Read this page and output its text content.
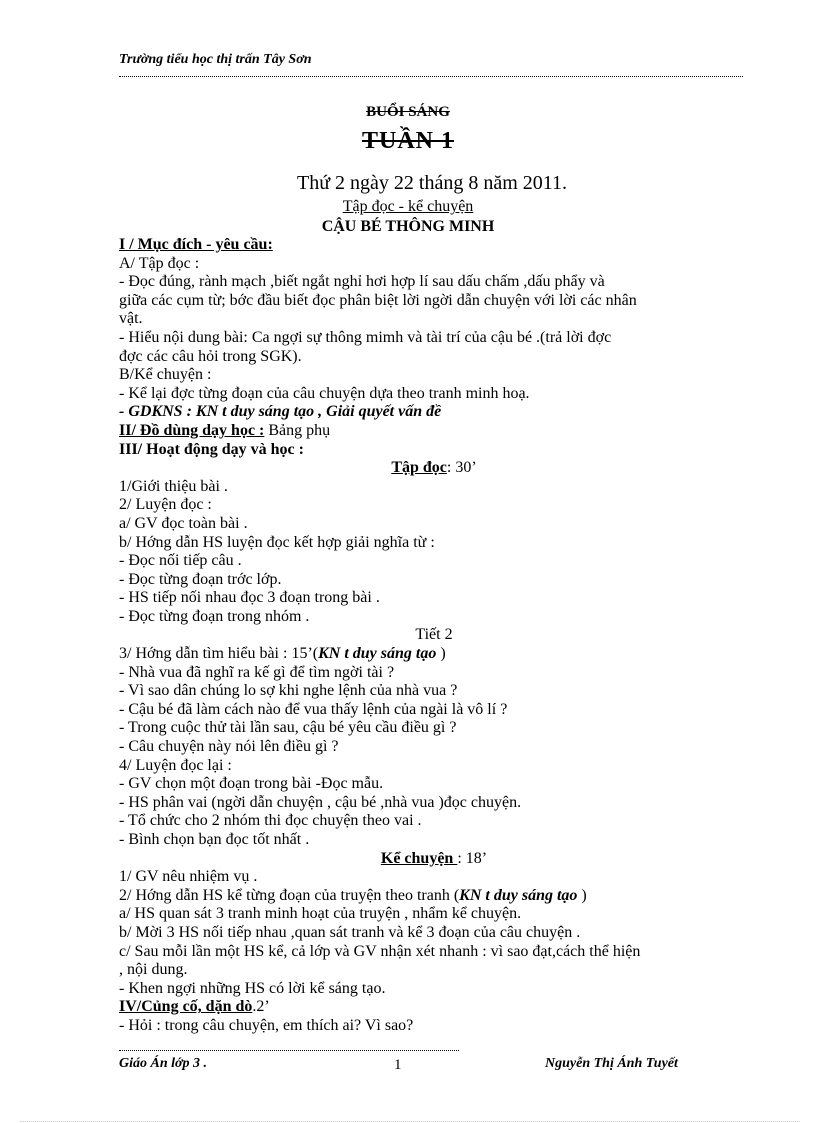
Trường tiểu học thị trấn Tây Sơn
BUỔI SÁNG
TUẦN 1
Thứ 2 ngày 22 tháng 8 năm 2011.
Tập đọc - kể chuyện
CẬU BÉ THÔNG MINH
I / Mục đích - yêu cầu:
A/ Tập đọc :
- Đọc đúng, rành mạch ,biết ngắt nghỉ hơi hợp lí sau dấu chấm ,dấu phẩy và
giữa các cụm từ; bớc đầu biết đọc phân biệt lời ngời dẫn chuyện với lời các nhân
vật.
- Hiểu nội dung bài: Ca ngợi sự thông mimh và tài trí của cậu bé .(trả lời đợc
đợc các câu hỏi trong SGK).
B/Kể chuyện :
- Kể lại đợc từng đoạn của câu chuyện dựa theo tranh minh hoạ.
- GDKNS : KN t duy sáng tạo , Giải quyết vấn đề
II/ Đồ dùng dạy học : Bảng phụ
III/ Hoạt động dạy và học :
Tập đọc: 30’
1/Giới thiệu bài .
2/ Luyện đọc :
a/ GV đọc toàn bài .
b/ Hớng dẫn HS luyện đọc kết hợp giải nghĩa từ :
- Đọc nối tiếp câu .
- Đọc từng đoạn trớc lớp.
- HS tiếp nối nhau đọc 3 đoạn trong bài .
- Đọc từng đoạn trong nhóm .
Tiết 2
3/ Hớng dẫn tìm hiểu bài : 15’(KN t duy sáng tạo )
- Nhà vua đã nghĩ ra kế gì để tìm ngời tài ?
- Vì sao dân chúng lo sợ khi nghe lệnh của nhà vua ?
- Cậu bé đã làm cách nào để vua thấy lệnh của ngài là vô lí ?
- Trong cuộc thử tài lần sau, cậu bé yêu cầu điều gì ?
- Câu chuyện này nói lên điều gì ?
4/ Luyện đọc lại :
- GV chọn một đoạn trong bài -Đọc mẫu.
- HS phân vai (ngời dẫn chuyện , cậu bé ,nhà vua )đọc chuyện.
- Tổ chức cho 2 nhóm thi đọc chuyện theo vai .
- Bình chọn bạn đọc tốt nhất .
Kể chuyện : 18’
1/ GV nêu nhiệm vụ .
2/ Hớng dẫn HS kể từng đoạn của truyện theo tranh (KN t duy sáng tạo )
a/ HS quan sát 3 tranh minh hoạt của truyện , nhẩm kể chuyện.
b/ Mời 3 HS nối tiếp nhau ,quan sát tranh và kể 3 đoạn của câu chuyện .
c/ Sau mỗi lần một HS kể, cả lớp và GV nhận xét nhanh : vì sao đạt,cách thể hiện
, nội dung.
- Khen ngợi những HS có lời kể sáng tạo.
IV/Củng cố, dặn dò.2’
- Hỏi : trong câu chuyện, em thích ai? Vì sao?
Giáo Án lớp 3 .	1	Nguyễn Thị Ánh Tuyết
